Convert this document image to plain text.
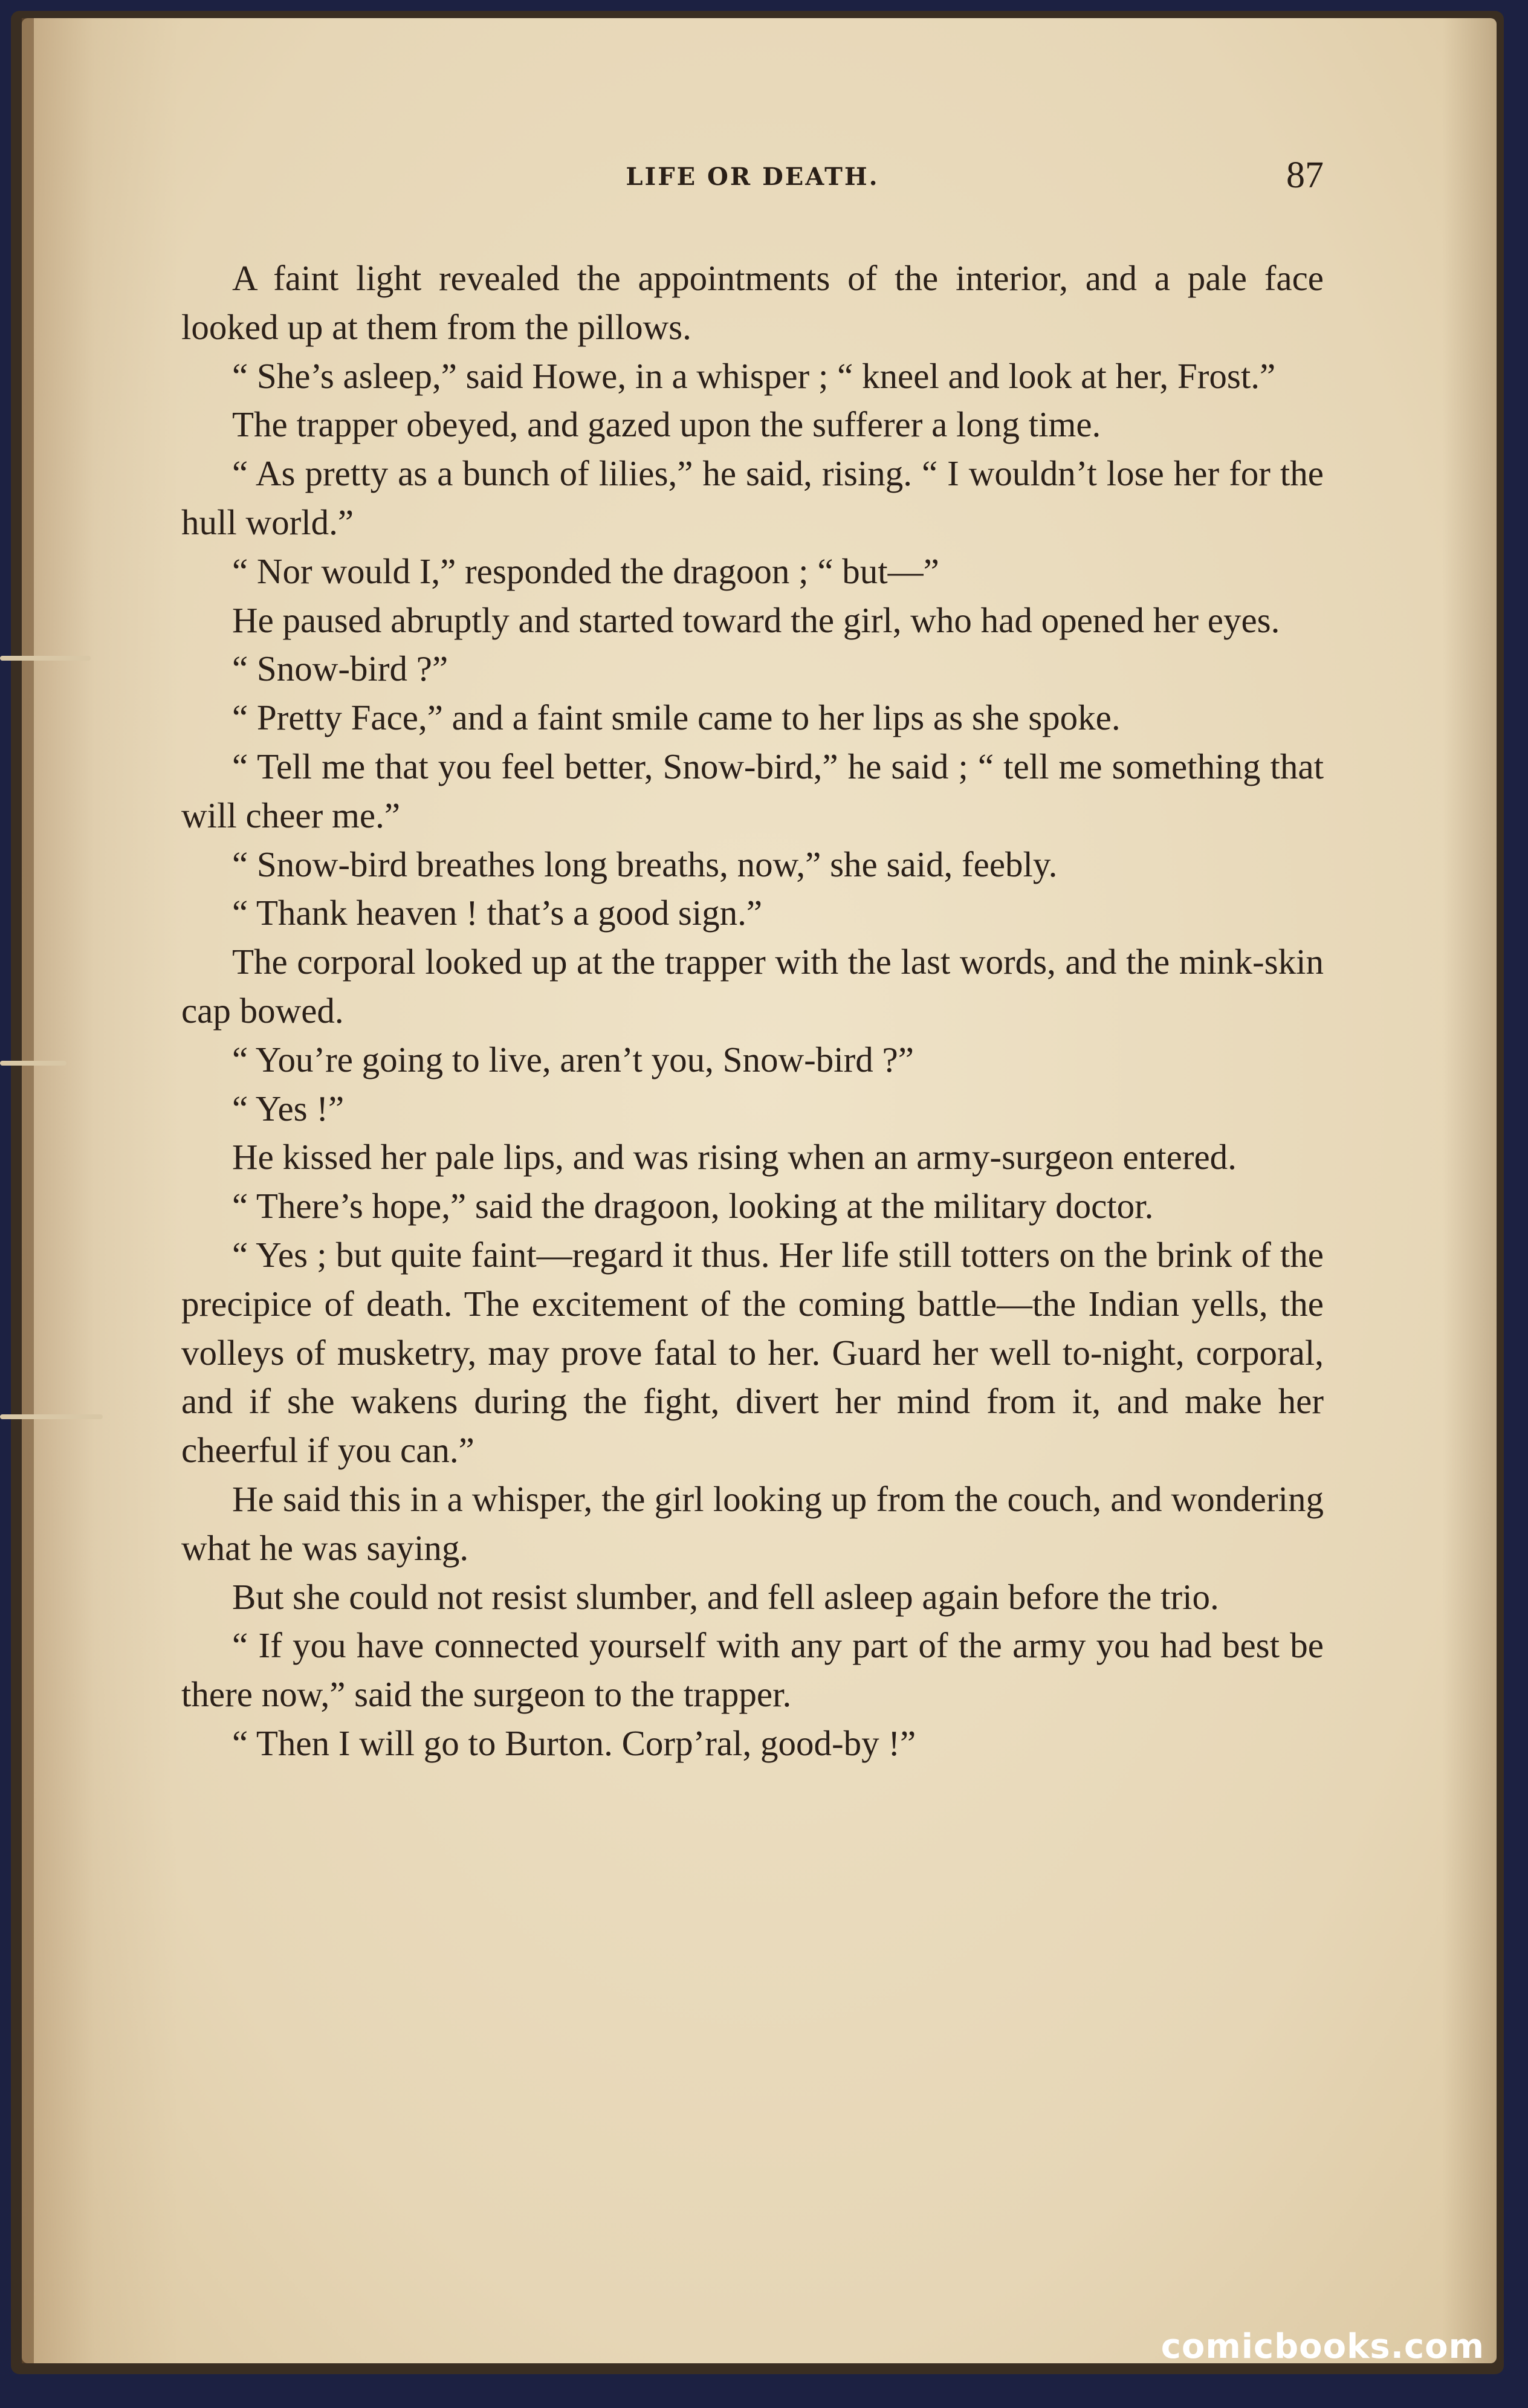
LIFE OR DEATH.	87

A faint light revealed the appointments of the interior, and a pale face looked up at them from the pillows.

“ She’s asleep,” said Howe, in a whisper ; “ kneel and look at her, Frost.”

The trapper obeyed, and gazed upon the sufferer a long time.

“ As pretty as a bunch of lilies,” he said, rising. “ I wouldn’t lose her for the hull world.”

“ Nor would I,” responded the dragoon ; “ but—”

He paused abruptly and started toward the girl, who had opened her eyes.

“ Snow-bird ?”

“ Pretty Face,” and a faint smile came to her lips as she spoke.

“ Tell me that you feel better, Snow-bird,” he said ; “ tell me something that will cheer me.”

“ Snow-bird breathes long breaths, now,” she said, feebly.

“ Thank heaven ! that’s a good sign.”

The corporal looked up at the trapper with the last words, and the mink-skin cap bowed.

“ You’re going to live, aren’t you, Snow-bird ?”

“ Yes !”

He kissed her pale lips, and was rising when an army-surgeon entered.

“ There’s hope,” said the dragoon, looking at the military doctor.

“ Yes ; but quite faint—regard it thus. Her life still totters on the brink of the precipice of death. The excitement of the coming battle—the Indian yells, the volleys of musketry, may prove fatal to her. Guard her well to-night, corporal, and if she wakens during the fight, divert her mind from it, and make her cheerful if you can.”

He said this in a whisper, the girl looking up from the couch, and wondering what he was saying.

But she could not resist slumber, and fell asleep again before the trio.

“ If you have connected yourself with any part of the army you had best be there now,” said the surgeon to the trapper.

“ Then I will go to Burton. Corp’ral, good-by !”

comicbooks.com
